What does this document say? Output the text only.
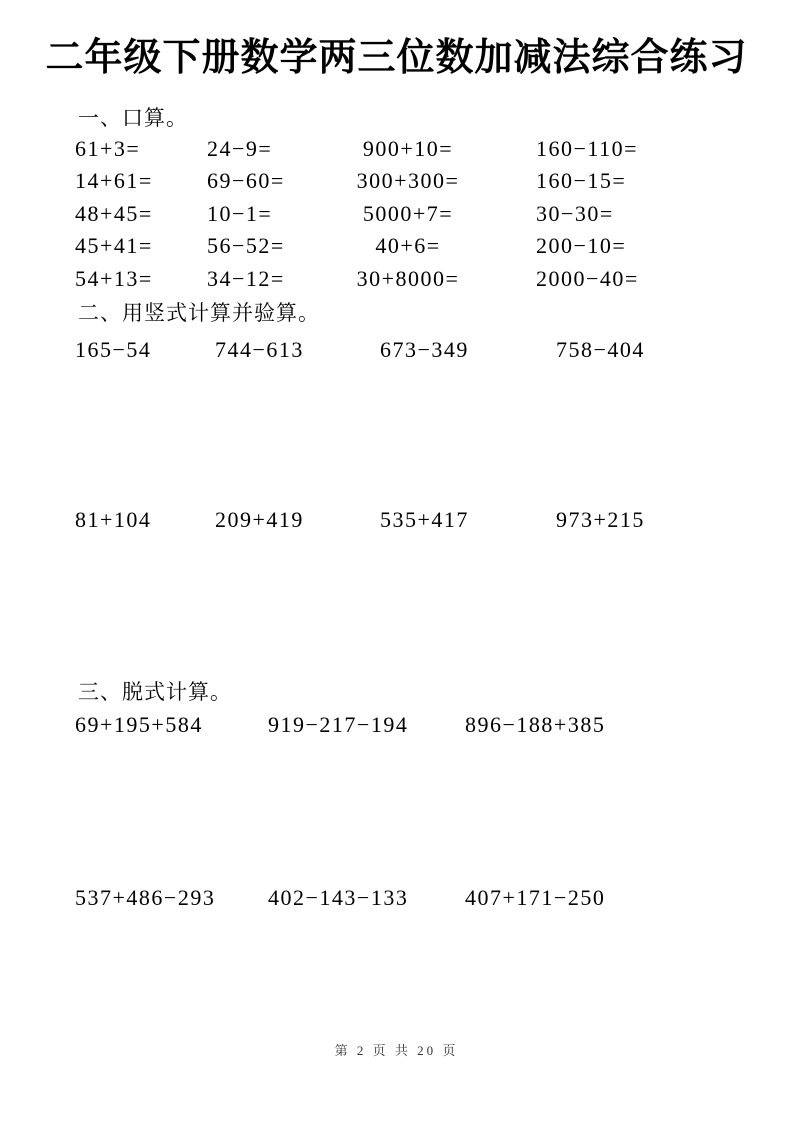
二年级下册数学两三位数加减法综合练习
一、口算。
61+3=	24−9=	900+10=	160−110=
14+61=	69−60=	300+300=	160−15=
48+45=	10−1=	5000+7=	30−30=
45+41=	56−52=	40+6=	200−10=
54+13=	34−12=	30+8000=	2000−40=
二、用竖式计算并验算。
165−54	744−613	673−349	758−404
81+104	209+419	535+417	973+215
三、脱式计算。
69+195+584	919−217−194	896−188+385
537+486−293	402−143−133	407+171−250
第 2 页 共 20 页
